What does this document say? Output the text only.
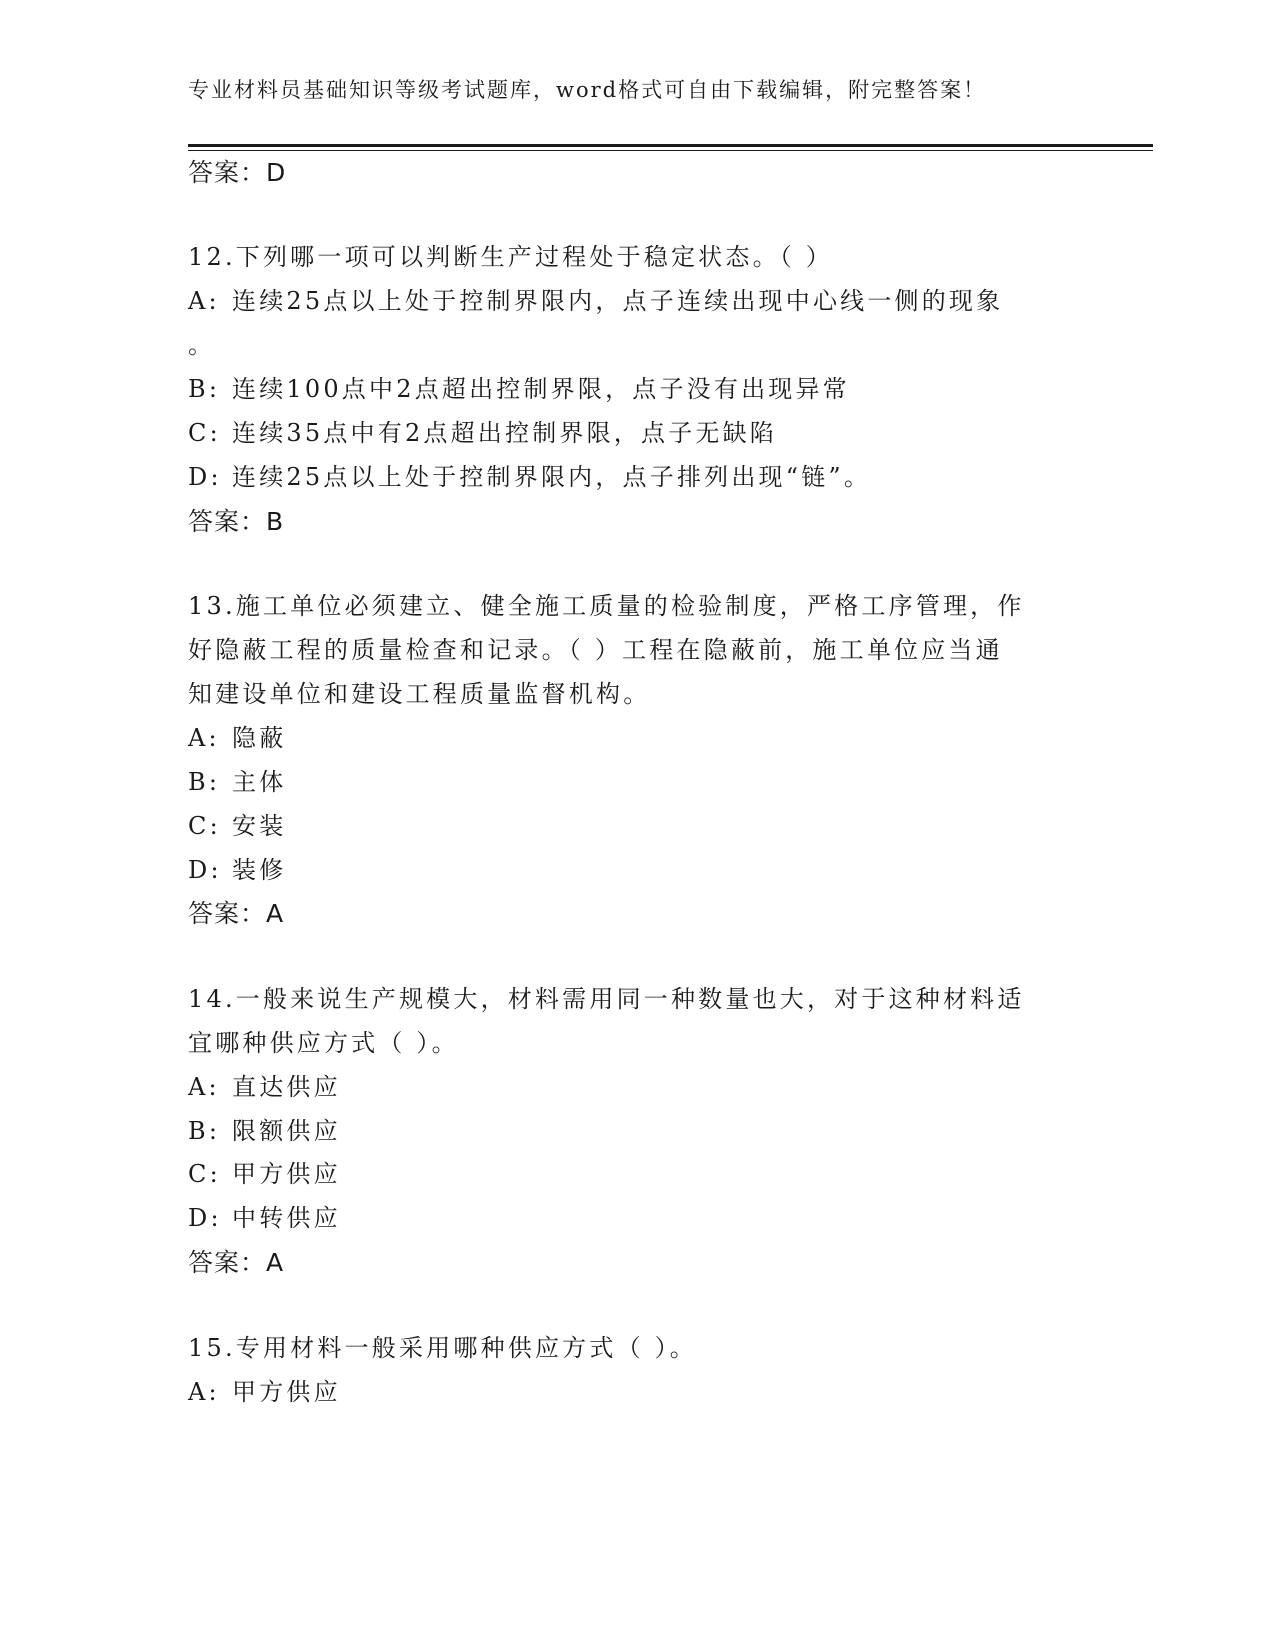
专业材料员基础知识等级考试题库，word格式可自由下载编辑，附完整答案！
答案：D
12.下列哪一项可以判断生产过程处于稳定状态。（ ）
A: 连续25点以上处于控制界限内，点子连续出现中心线一侧的现象
。
B: 连续100点中2点超出控制界限，点子没有出现异常
C: 连续35点中有2点超出控制界限，点子无缺陷
D: 连续25点以上处于控制界限内，点子排列出现“链”。
答案：B
13.施工单位必须建立、健全施工质量的检验制度，严格工序管理，作
好隐蔽工程的质量检查和记录。（ ）工程在隐蔽前，施工单位应当通
知建设单位和建设工程质量监督机构。
A: 隐蔽
B: 主体
C: 安装
D: 装修
答案：A
14.一般来说生产规模大，材料需用同一种数量也大，对于这种材料适
宜哪种供应方式（ ）。
A: 直达供应
B: 限额供应
C: 甲方供应
D: 中转供应
答案：A
15.专用材料一般采用哪种供应方式（ ）。
A: 甲方供应
